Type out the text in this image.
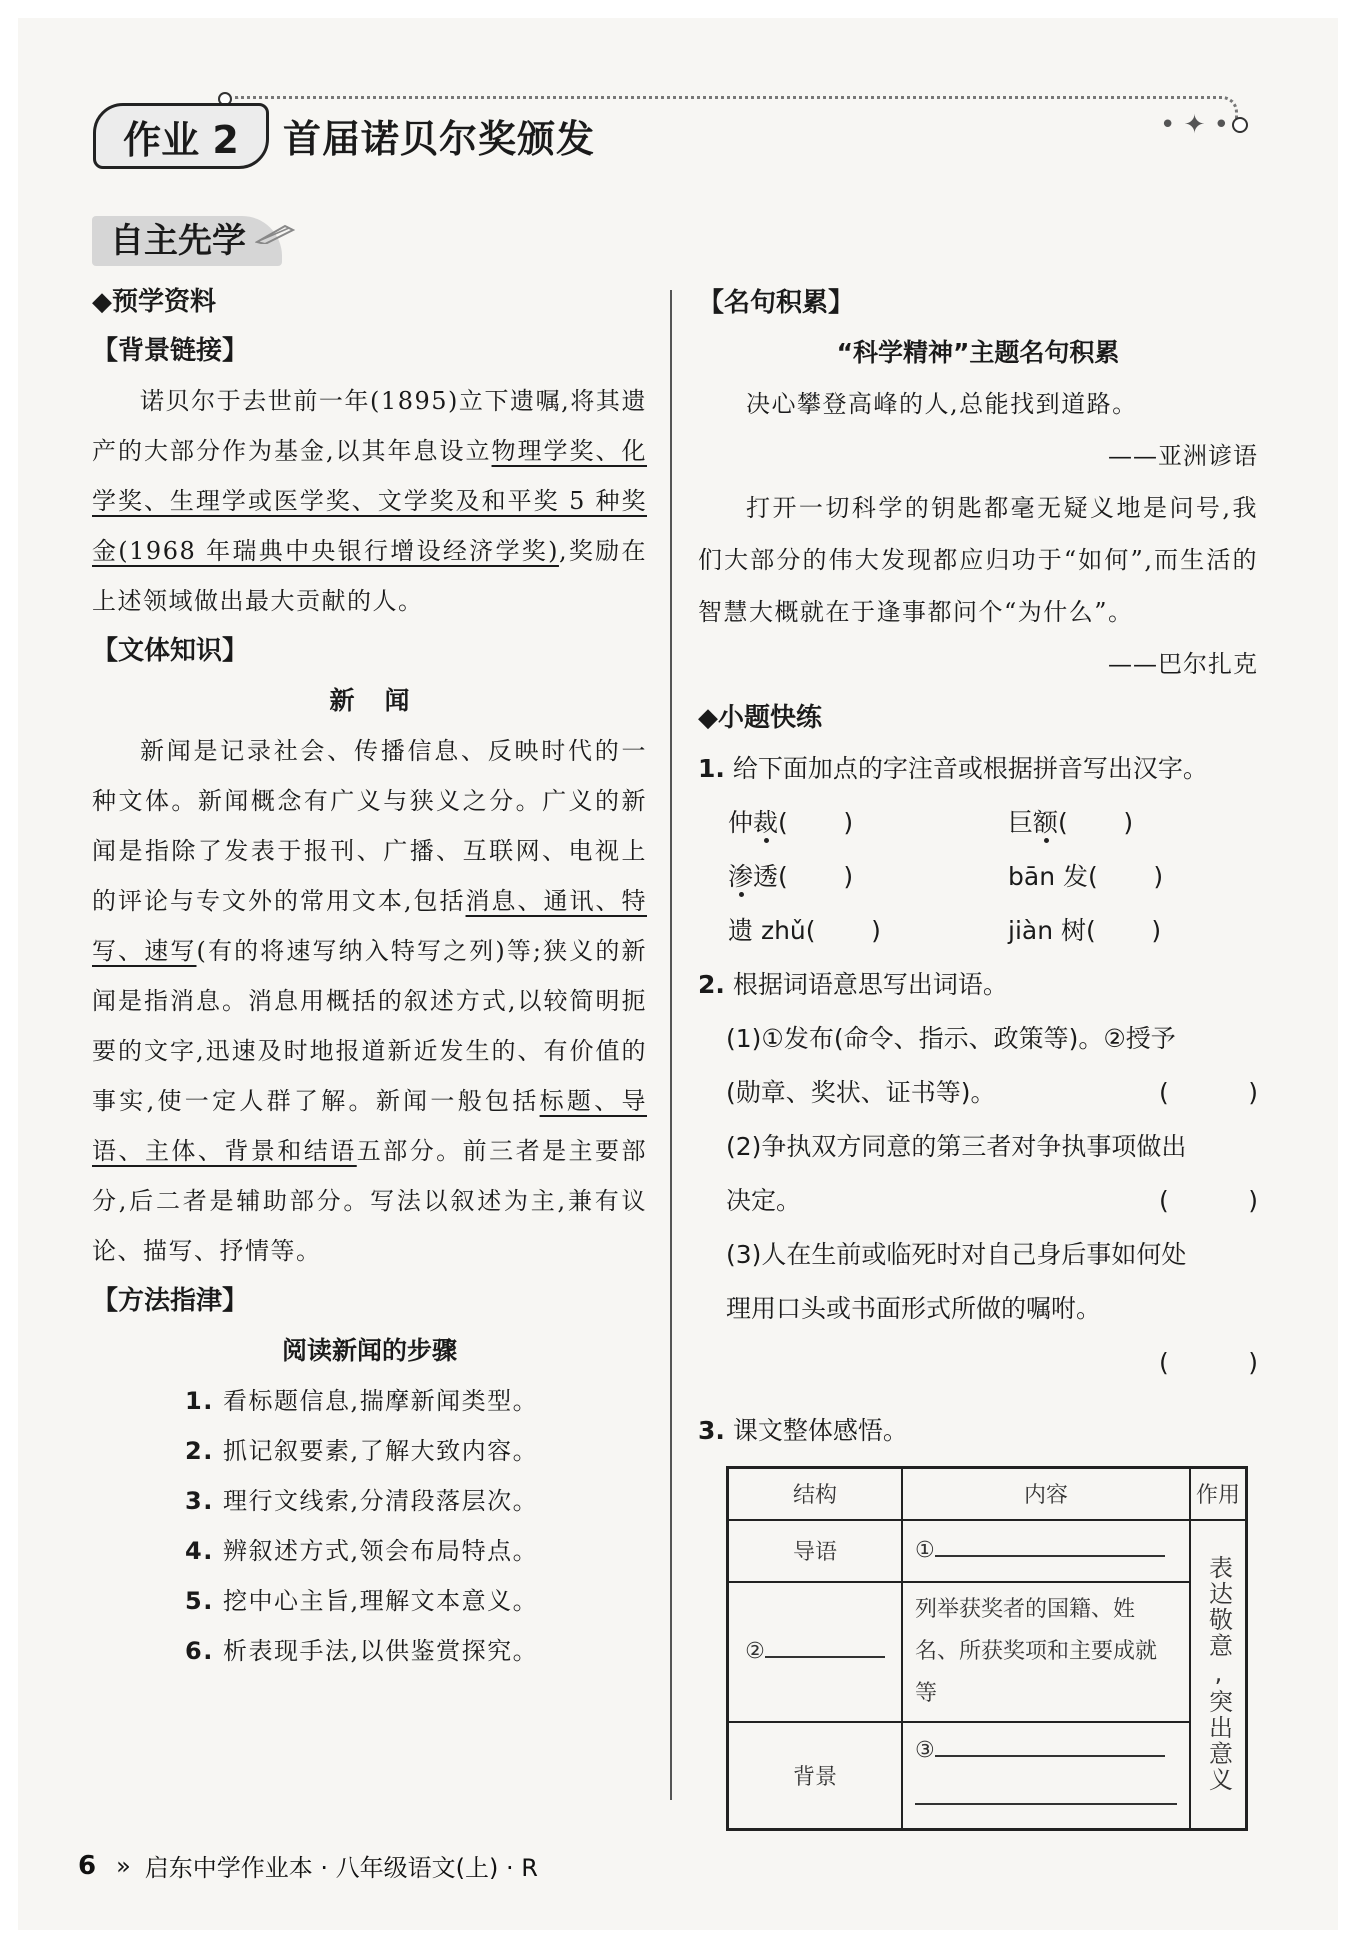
作业 2	首届诺贝尔奖颁发	• ✦ •
自主先学
◆预学资料
【背景链接】
诺贝尔于去世前一年(1895)立下遗嘱,将其遗产的大部分作为基金,以其年息设立物理学奖、化学奖、生理学或医学奖、文学奖及和平奖 5 种奖金(1968 年瑞典中央银行增设经济学奖),奖励在上述领域做出最大贡献的人。
【文体知识】
新闻
新闻是记录社会、传播信息、反映时代的一种文体。新闻概念有广义与狭义之分。广义的新闻是指除了发表于报刊、广播、互联网、电视上的评论与专文外的常用文本,包括消息、通讯、特写、速写(有的将速写纳入特写之列)等;狭义的新闻是指消息。消息用概括的叙述方式,以较简明扼要的文字,迅速及时地报道新近发生的、有价值的事实,使一定人群了解。新闻一般包括标题、导语、主体、背景和结语五部分。前三者是主要部分,后二者是辅助部分。写法以叙述为主,兼有议论、描写、抒情等。
【方法指津】
阅读新闻的步骤
1. 看标题信息,揣摩新闻类型。
2. 抓记叙要素,了解大致内容。
3. 理行文线索,分清段落层次。
4. 辨叙述方式,领会布局特点。
5. 挖中心主旨,理解文本意义。
6. 析表现手法,以供鉴赏探究。
【名句积累】
“科学精神”主题名句积累
决心攀登高峰的人,总能找到道路。
——亚洲谚语
打开一切科学的钥匙都毫无疑义地是问号,我们大部分的伟大发现都应归功于“如何”,而生活的智慧大概就在于逢事都问个“为什么”。
——巴尔扎克
◆小题快练
1. 给下面加点的字注音或根据拼音写出汉字。
仲裁(       )	巨额(       )
渗透(       )	bān 发(       )
遗 zhǔ(       )	jiàn 树(       )
2. 根据词语意思写出词语。
(1)①发布(命令、指示、政策等)。②授予
(勋章、奖状、证书等)。	(          )
(2)争执双方同意的第三者对争执事项做出
决定。	(          )
(3)人在生前或临死时对自己身后事如何处
理用口头或书面形式所做的嘱咐。
(          )
3. 课文整体感悟。
结构	内容	作用
导语	①	表达敬意,突出意义
②	列举获奖者的国籍、姓名、所获奖项和主要成就等	
背景	③	
6 » 启东中学作业本 · 八年级语文(上) · R
